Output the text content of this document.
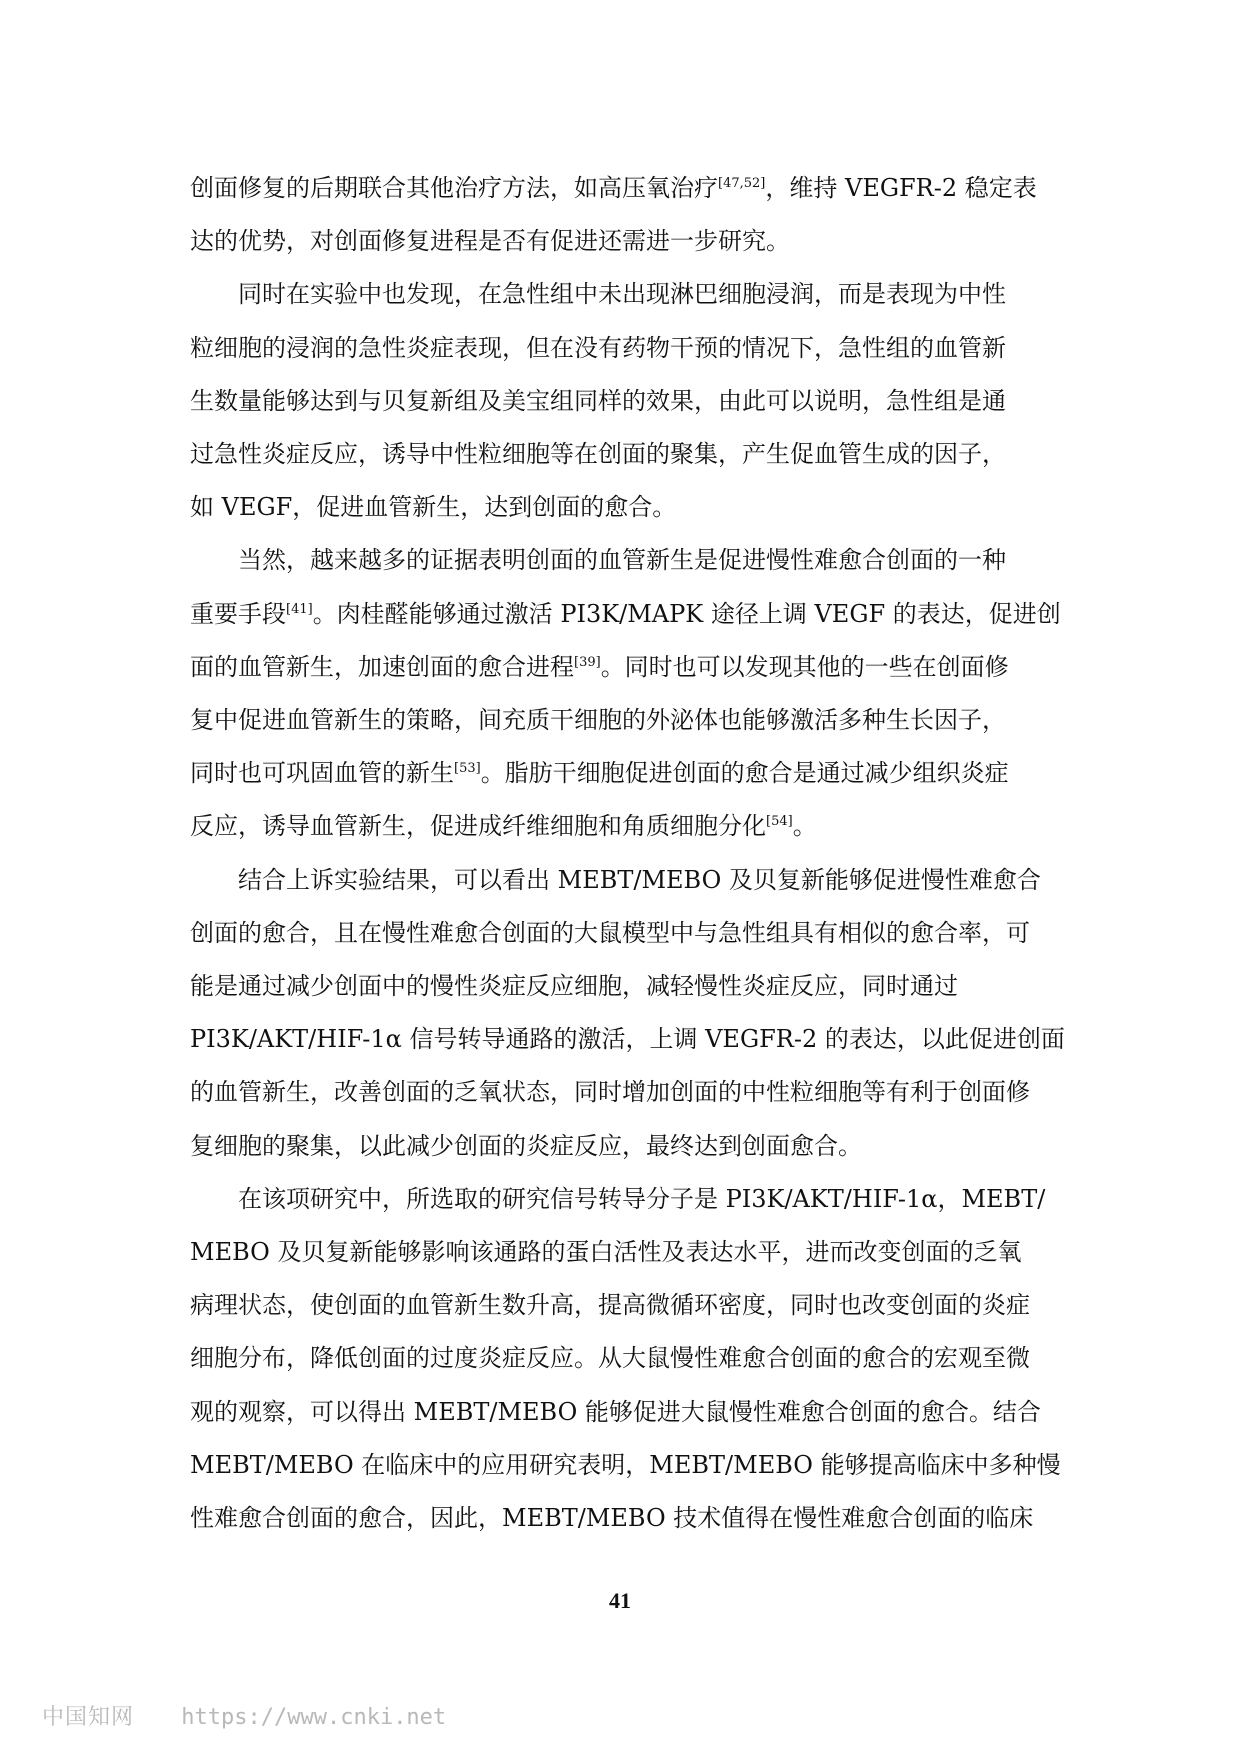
创面修复的后期联合其他治疗方法，如高压氧治疗[47,52]，维持 VEGFR-2 稳定表
达的优势，对创面修复进程是否有促进还需进一步研究。
同时在实验中也发现，在急性组中未出现淋巴细胞浸润，而是表现为中性
粒细胞的浸润的急性炎症表现，但在没有药物干预的情况下，急性组的血管新
生数量能够达到与贝复新组及美宝组同样的效果，由此可以说明，急性组是通
过急性炎症反应，诱导中性粒细胞等在创面的聚集，产生促血管生成的因子，
如 VEGF，促进血管新生，达到创面的愈合。
当然，越来越多的证据表明创面的血管新生是促进慢性难愈合创面的一种
重要手段[41]。肉桂醛能够通过激活 PI3K/MAPK 途径上调 VEGF 的表达，促进创
面的血管新生，加速创面的愈合进程[39]。同时也可以发现其他的一些在创面修
复中促进血管新生的策略，间充质干细胞的外泌体也能够激活多种生长因子，
同时也可巩固血管的新生[53]。脂肪干细胞促进创面的愈合是通过减少组织炎症
反应，诱导血管新生，促进成纤维细胞和角质细胞分化[54]。
结合上诉实验结果，可以看出 MEBT/MEBO 及贝复新能够促进慢性难愈合
创面的愈合，且在慢性难愈合创面的大鼠模型中与急性组具有相似的愈合率，可
能是通过减少创面中的慢性炎症反应细胞，减轻慢性炎症反应，同时通过
PI3K/AKT/HIF-1α 信号转导通路的激活，上调 VEGFR-2 的表达，以此促进创面
的血管新生，改善创面的乏氧状态，同时增加创面的中性粒细胞等有利于创面修
复细胞的聚集，以此减少创面的炎症反应，最终达到创面愈合。
在该项研究中，所选取的研究信号转导分子是 PI3K/AKT/HIF-1α，MEBT/
MEBO 及贝复新能够影响该通路的蛋白活性及表达水平，进而改变创面的乏氧
病理状态，使创面的血管新生数升高，提高微循环密度，同时也改变创面的炎症
细胞分布，降低创面的过度炎症反应。从大鼠慢性难愈合创面的愈合的宏观至微
观的观察，可以得出 MEBT/MEBO 能够促进大鼠慢性难愈合创面的愈合。结合
MEBT/MEBO 在临床中的应用研究表明，MEBT/MEBO 能够提高临床中多种慢
性难愈合创面的愈合，因此，MEBT/MEBO 技术值得在慢性难愈合创面的临床
41
中国知网 https://www.cnki.net
